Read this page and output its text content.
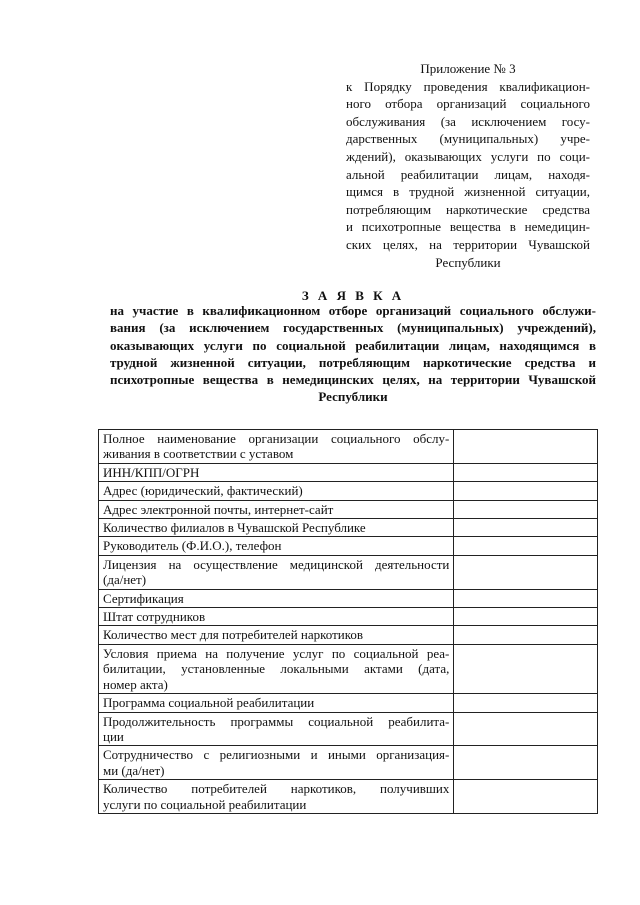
Приложение № 3
к Порядку проведения квалификацион-
ного отбора организаций социального
обслуживания (за исключением госу-
дарственных (муниципальных) учре-
ждений), оказывающих услуги по соци-
альной реабилитации лицам, находя-
щимся в трудной жизненной ситуации,
потребляющим наркотические средства
и психотропные вещества в немедицин-
ских целях, на территории Чувашской
Республики
З А Я В К А
на участие в квалификационном отборе организаций социального обслужи-
вания (за исключением государственных (муниципальных) учреждений),
оказывающих услуги по социальной реабилитации лицам, находящимся в
трудной жизненной ситуации, потребляющим наркотические средства и
психотропные вещества в немедицинских целях, на территории Чувашской
Республики
Полное наименование организации социального обслу-
живания в соответствии с уставом	

ИНН/КПП/ОГРН	

Адрес (юридический, фактический)	

Адрес электронной почты, интернет-сайт	

Количество филиалов в Чувашской Республике	

Руководитель (Ф.И.О.), телефон	

Лицензия на осуществление медицинской деятельности
(да/нет)	

Сертификация	

Штат сотрудников	

Количество мест для потребителей наркотиков	

Условия приема на получение услуг по социальной реа-
билитации, установленные локальными актами (дата,
номер акта)	

Программа социальной реабилитации	

Продолжительность программы социальной реабилита-
ции	

Сотрудничество с религиозными и иными организация-
ми (да/нет)	

Количество потребителей наркотиков, получивших
услуги по социальной реабилитации	
